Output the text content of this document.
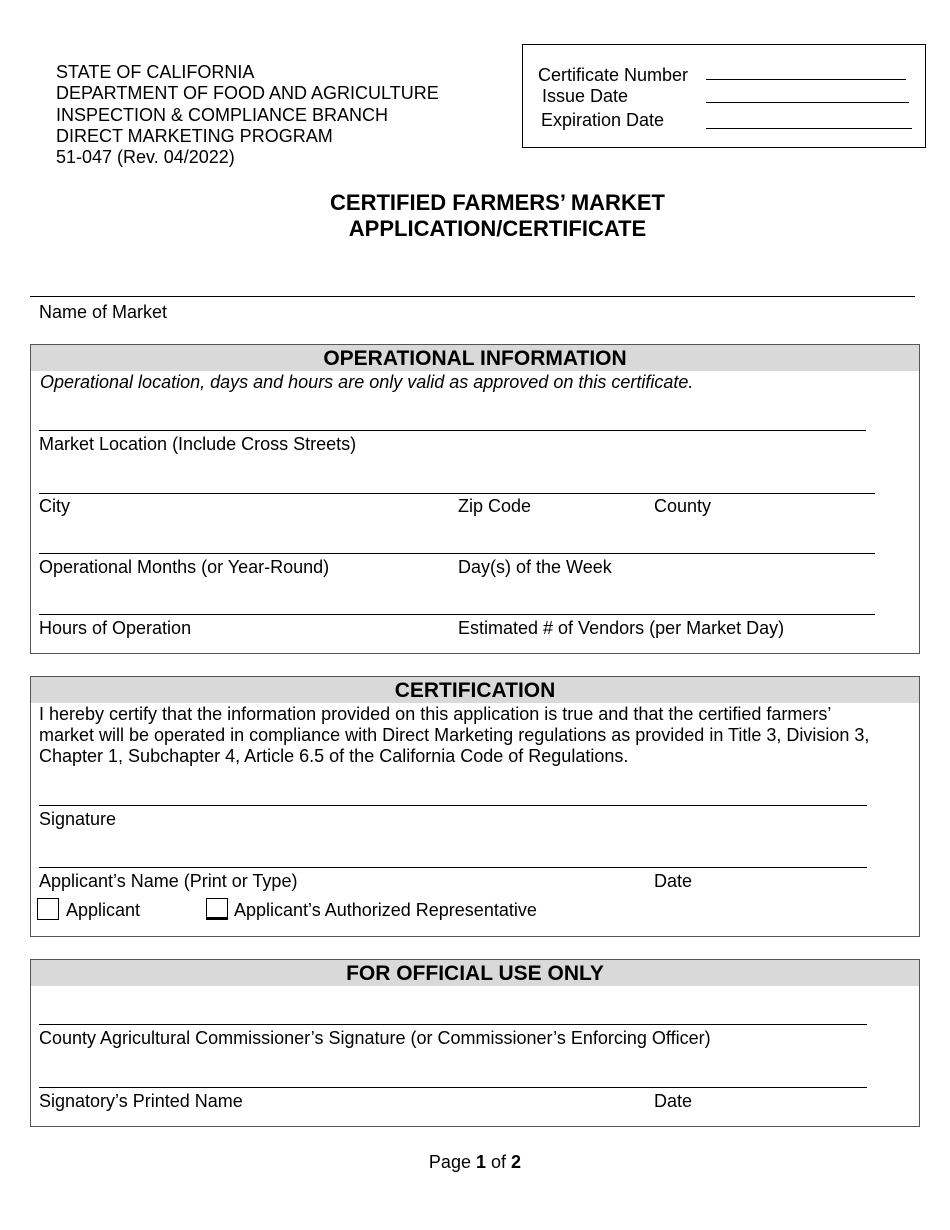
STATE OF CALIFORNIA
DEPARTMENT OF FOOD AND AGRICULTURE
INSPECTION & COMPLIANCE BRANCH
DIRECT MARKETING PROGRAM
51-047 (Rev. 04/2022)
Certificate Number
Issue Date
Expiration Date
CERTIFIED FARMERS’ MARKET
APPLICATION/CERTIFICATE
Name of Market
OPERATIONAL INFORMATION
Operational location, days and hours are only valid as approved on this certificate.
Market Location (Include Cross Streets)
City	Zip Code	County
Operational Months (or Year-Round)	Day(s) of the Week
Hours of Operation	Estimated # of Vendors (per Market Day)
CERTIFICATION
I hereby certify that the information provided on this application is true and that the certified farmers’
market will be operated in compliance with Direct Marketing regulations as provided in Title 3, Division 3,
Chapter 1, Subchapter 4, Article 6.5 of the California Code of Regulations.
Signature
Applicant’s Name (Print or Type)	Date
Applicant	Applicant’s Authorized Representative
FOR OFFICIAL USE ONLY
County Agricultural Commissioner’s Signature (or Commissioner’s Enforcing Officer)
Signatory’s Printed Name	Date
Page 1 of 2
